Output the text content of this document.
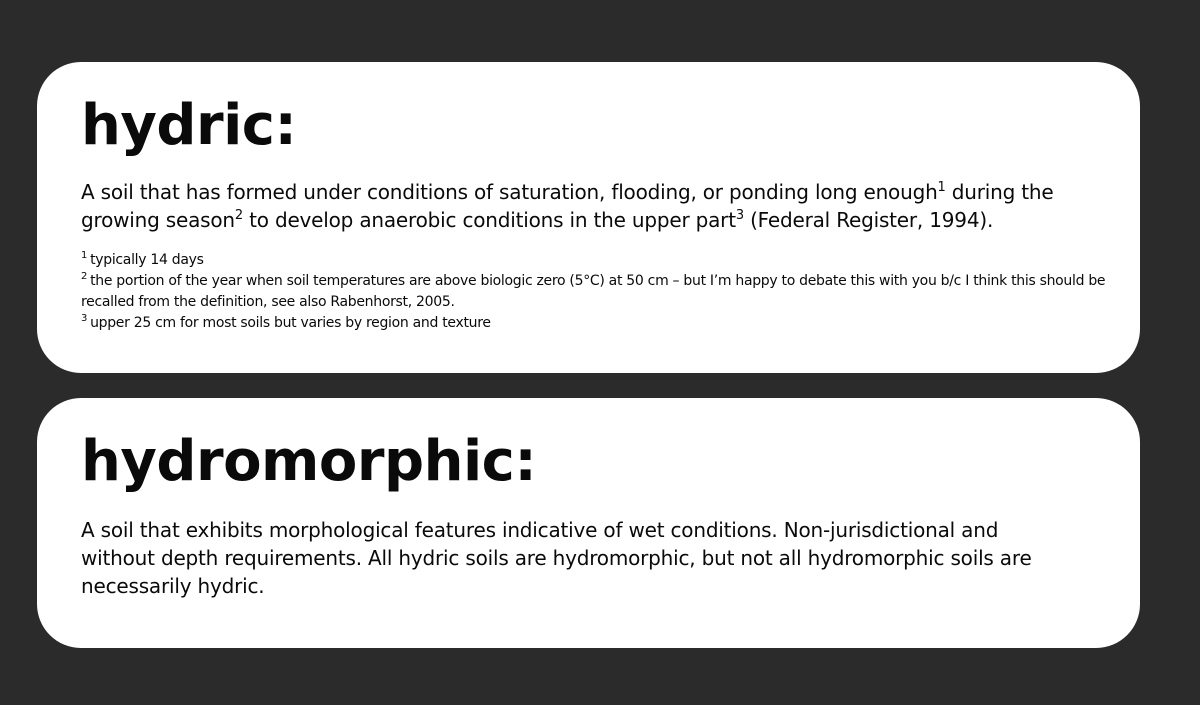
hydric:

A soil that has formed under conditions of saturation, flooding, or ponding long enough$^1$ during the growing season$^2$ to develop anaerobic conditions in the upper part$^3$ (Federal Register, 1994).

$^1$ typically 14 days

$^2$ the portion of the year when soil temperatures are above biologic zero (5°C) at 50 cm – but I’m happy to debate this with you b/c I think this should be recalled from the definition, see also Rabenhorst, 2005.

$^3$ upper 25 cm for most soils but varies by region and texture

hydromorphic:

A soil that exhibits morphological features indicative of wet conditions. Non-jurisdictional and without depth requirements. All hydric soils are hydromorphic, but not all hydromorphic soils are necessarily hydric.
